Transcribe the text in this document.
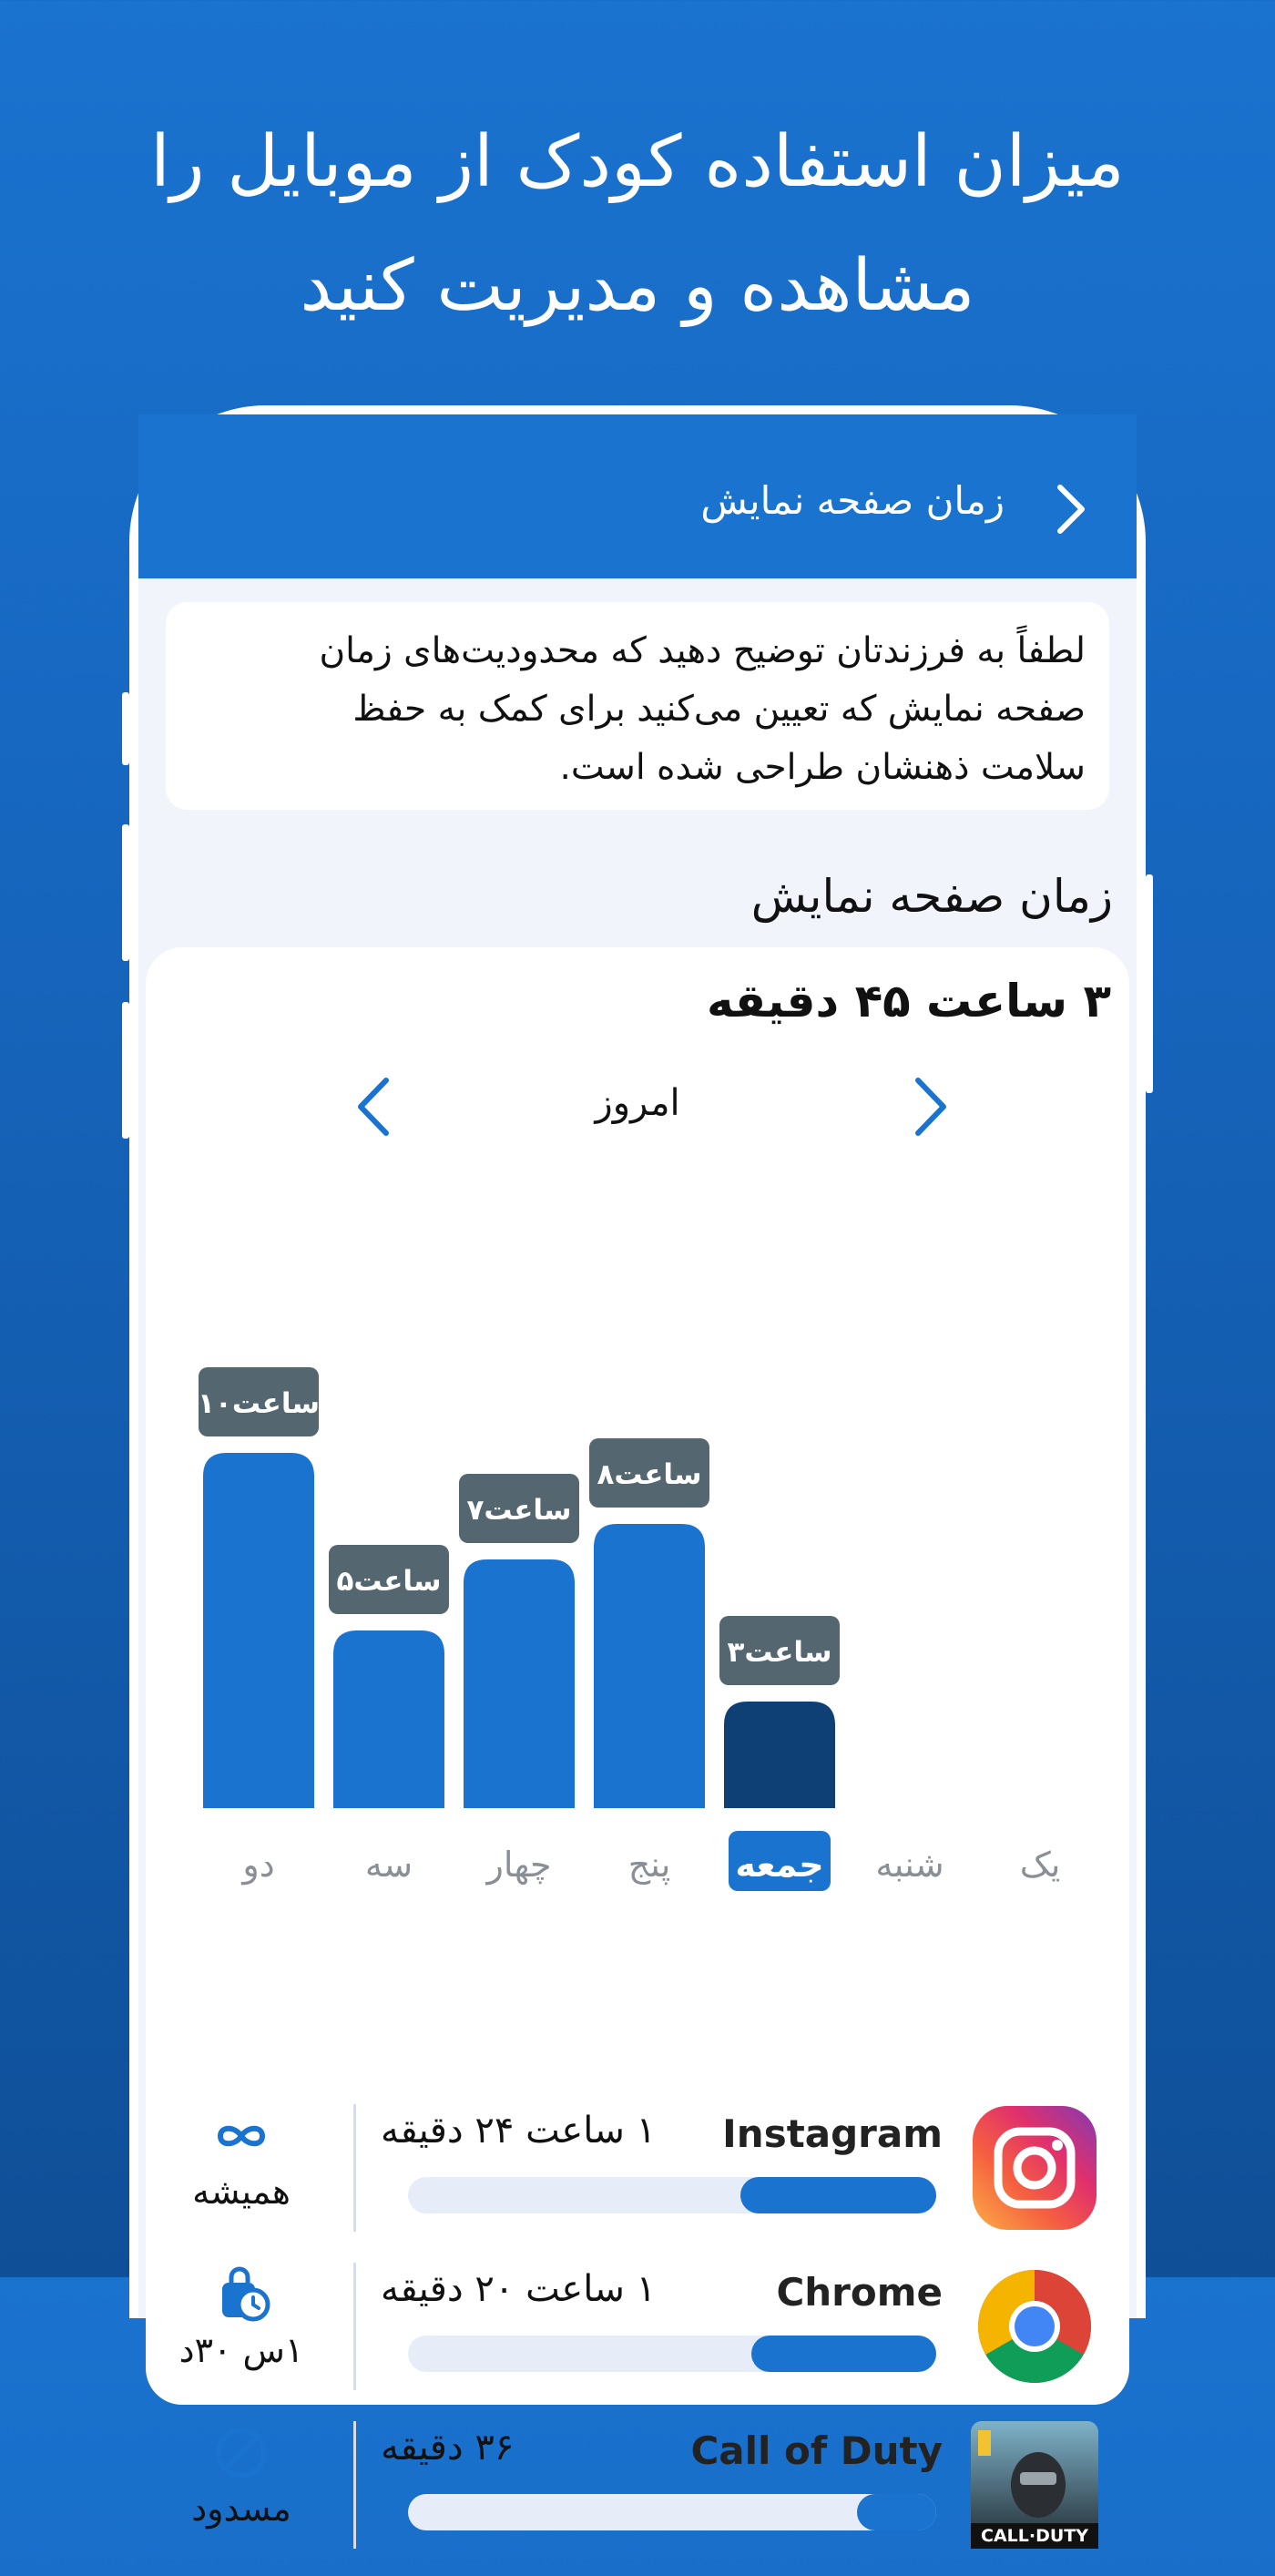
میزان استفاده کودک از موبایل را
مشاهده و مدیریت کنید
زمان صفحه نمایش
لطفاً به فرزندتان توضیح دهید که محدودیت‌های زمان
صفحه نمایش که تعیین می‌کنید برای کمک به حفظ
سلامت ذهنشان طراحی شده است.
زمان صفحه نمایش
۳ ساعت ۴۵ دقیقه
امروز
ساعت۱۰
دو
ساعت۵
سه
ساعت۷
چهار
ساعت۸
پنج
ساعت۳
جمعه شنبه یک
Instagram
۱ ساعت ۲۴ دقیقه
همیشه
Chrome
۱ ساعت ۲۰ دقیقه
۱س ۳۰د
CALL·DUTY
Call of Duty
۳۶ دقیقه
مسدود
